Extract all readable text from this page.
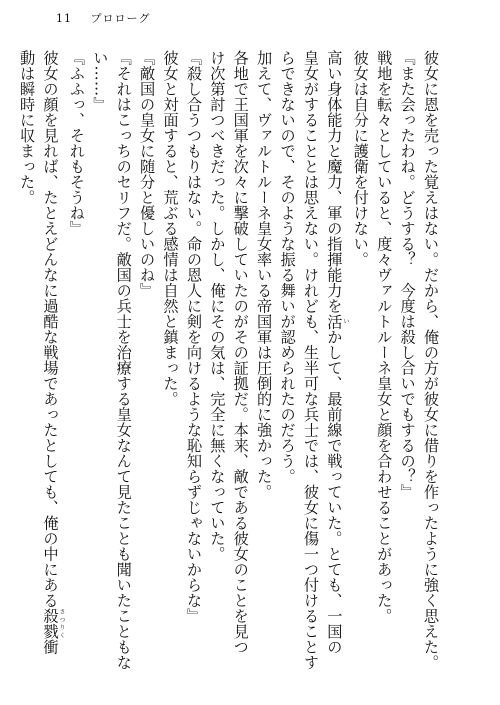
11 プロローグ
彼女に恩を売った覚えはない。だから、俺の方が彼女に借りを作ったように強く思えた。
『また会ったわね。どうする？　今度は殺し合いでもするの？』
戦地を転々としていると、度々ヴァルトルーネ皇女と顔を合わせることがあった。
彼女は自分に護衛を付けない。
高い身体能力と魔力、軍の指揮能力を活いかして、最前線で戦っていた。とても、一国の
皇女がすることとは思えない。けれども、生半可な兵士では、彼女に傷一つ付けることす
らできないので、そのような振る舞いが認められたのだろう。
加えて、ヴァルトルーネ皇女率いる帝国軍は圧倒的に強かった。
各地で王国軍を次々に撃破していたのがその証拠だ。本来、敵である彼女のことを見つ
け次第討つべきだった。しかし、俺にその気は、完全に無くなっていた。
『殺し合うつもりはない。命の恩人に剣を向けるような恥知らずじゃないからな』
彼女と対面すると、荒ぶる感情は自然と鎮まった。
『敵国の皇女に随分と優しいのね』
『それはこっちのセリフだ。敵国の兵士を治療する皇女なんて見たことも聞いたこともな
い……』
『ふふっ、それもそうね』
彼女の顔を見れば、たとえどんなに過酷な戦場であったとしても、俺の中にある殺戮さつりく衝
動は瞬時に収まった。
